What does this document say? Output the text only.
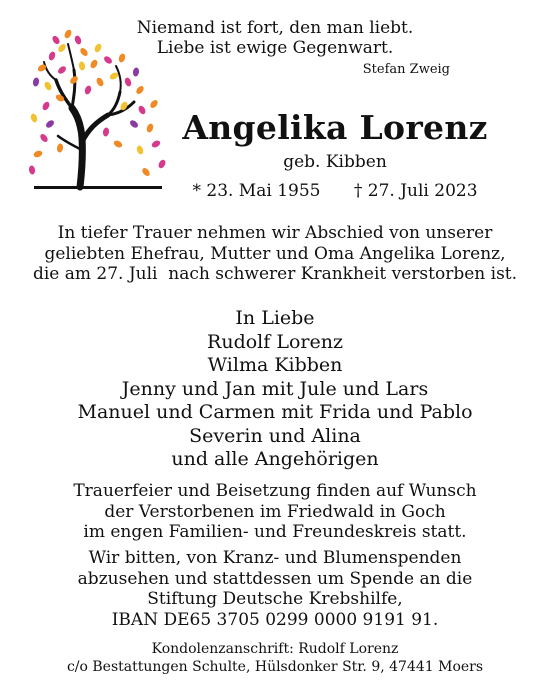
Niemand ist fort, den man liebt.
Liebe ist ewige Gegenwart.
Stefan Zweig
Angelika Lorenz
geb. Kibben
* 23. Mai 1955 † 27. Juli 2023
In tiefer Trauer nehmen wir Abschied von unserer
geliebten Ehefrau, Mutter und Oma Angelika Lorenz,
die am 27. Juli  nach schwerer Krankheit verstorben ist.
In Liebe
Rudolf Lorenz
Wilma Kibben
Jenny und Jan mit Jule und Lars
Manuel und Carmen mit Frida und Pablo
Severin und Alina
und alle Angehörigen
Trauerfeier und Beisetzung finden auf Wunsch
der Verstorbenen im Friedwald in Goch
im engen Familien- und Freundeskreis statt.
Wir bitten, von Kranz- und Blumenspenden
abzusehen und stattdessen um Spende an die
Stiftung Deutsche Krebshilfe,
IBAN DE65 3705 0299 0000 9191 91.
Kondolenzanschrift: Rudolf Lorenz
c/o Bestattungen Schulte, Hülsdonker Str. 9, 47441 Moers
